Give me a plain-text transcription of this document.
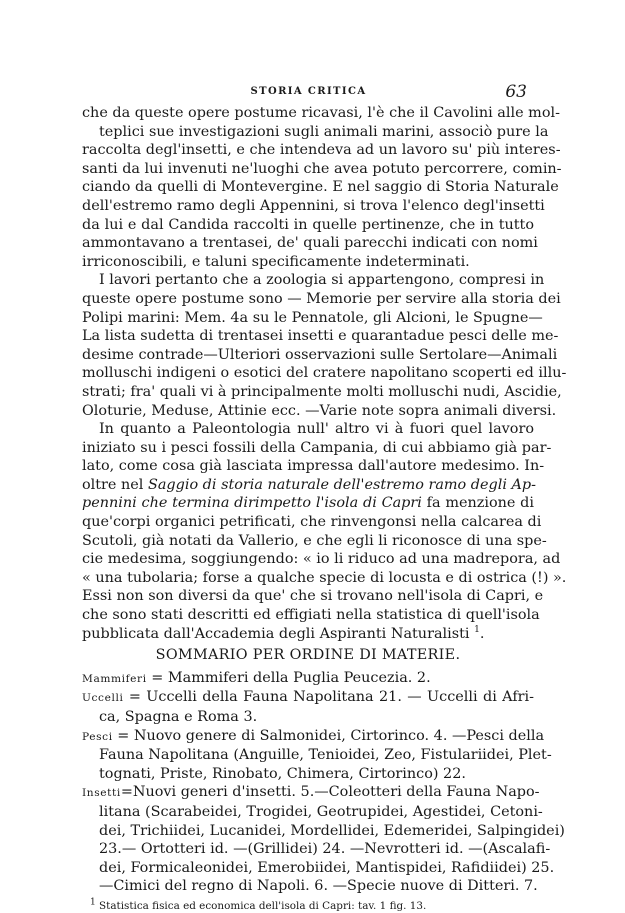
STORIA CRITICA	63
che da queste opere postume ricavasi, l'è che il Cavolini alle mol-
teplici sue investigazioni sugli animali marini, associò pure la
raccolta degl'insetti, e che intendeva ad un lavoro su' più interes-
santi da lui invenuti ne'luoghi che avea potuto percorrere, comin-
ciando da quelli di Montevergine. E nel saggio di Storia Naturale
dell'estremo ramo degli Appennini, si trova l'elenco degl'insetti
da lui e dal Candida raccolti in quelle pertinenze, che in tutto
ammontavano a trentasei, de' quali parecchi indicati con nomi
irriconoscibili, e taluni specificamente indeterminati.
I lavori pertanto che a zoologia si appartengono, compresi in
queste opere postume sono — Memorie per servire alla storia dei
Polipi marini: Mem. 4a su le Pennatole, gli Alcioni, le Spugne—
La lista sudetta di trentasei insetti e quarantadue pesci delle me-
desime contrade—Ulteriori osservazioni sulle Sertolare—Animali
molluschi indigeni o esotici del cratere napolitano scoperti ed illu-
strati; fra' quali vi à principalmente molti molluschi nudi, Ascidie,
Oloturie, Meduse, Attinie ecc. —Varie note sopra animali diversi.
In quanto a Paleontologia null' altro vi à fuori quel lavoro
iniziato su i pesci fossili della Campania, di cui abbiamo già par-
lato, come cosa già lasciata impressa dall'autore medesimo. In-
oltre nel Saggio di storia naturale dell'estremo ramo degli Ap-
pennini che termina dirimpetto l'isola di Capri fa menzione di
que'corpi organici petrificati, che rinvengonsi nella calcarea di
Scutoli, già notati da Vallerio, e che egli li riconosce di una spe-
cie medesima, soggiungendo: « io li riduco ad una madrepora, ad
« una tubolaria; forse a qualche specie di locusta e di ostrica (!) ».
Essi non son diversi da que' che si trovano nell'isola di Capri, e
che sono stati descritti ed effigiati nella statistica di quell'isola
pubblicata dall'Accademia degli Aspiranti Naturalisti $^1$.
SOMMARIO PER ORDINE DI MATERIE.
Mammiferi = Mammiferi della Puglia Peucezia. 2.
Uccelli = Uccelli della Fauna Napolitana 21. — Uccelli di Afri-
ca, Spagna e Roma 3.
Pesci = Nuovo genere di Salmonidei, Cirtorinco. 4. —Pesci della
Fauna Napolitana (Anguille, Tenioidei, Zeo, Fistulariidei, Plet-
tognati, Priste, Rinobato, Chimera, Cirtorinco) 22.
Insetti=Nuovi generi d'insetti. 5.—Coleotteri della Fauna Napo-
litana (Scarabeidei, Trogidei, Geotrupidei, Agestidei, Cetoni-
dei, Trichiidei, Lucanidei, Mordellidei, Edemeridei, Salpingidei)
23.— Ortotteri id. —(Grillidei) 24. —Nevrotteri id. —(Ascalafi-
dei, Formicaleonidei, Emerobiidei, Mantispidei, Rafidiidei) 25.
—Cimici del regno di Napoli. 6. —Specie nuove di Ditteri. 7.
$^1$ Statistica fisica ed economica dell'isola di Capri: tav. 1 fig. 13.
